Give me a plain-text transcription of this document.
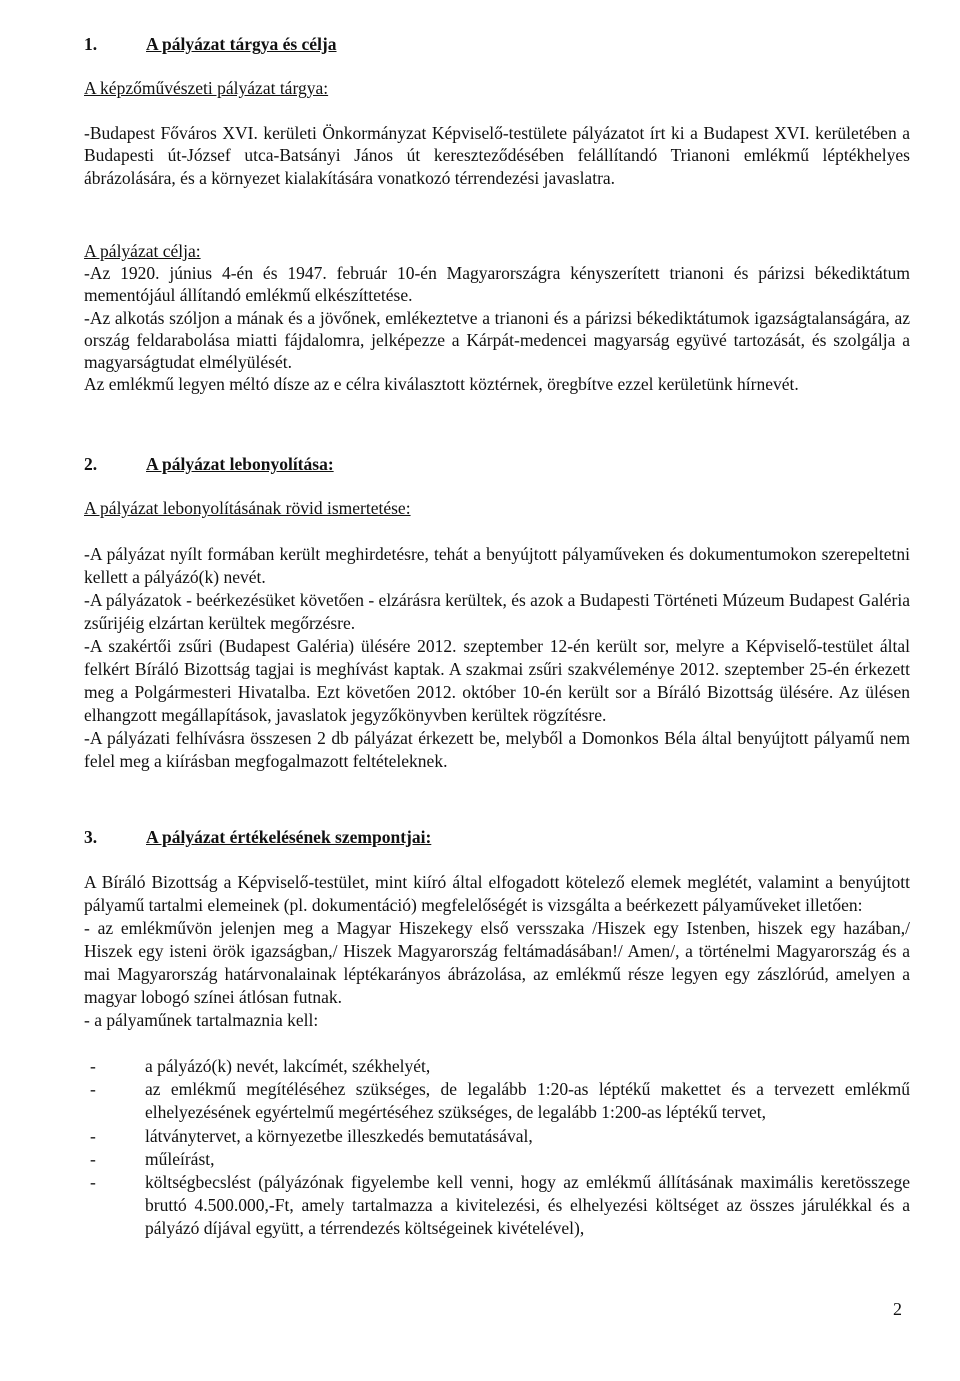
1.	A pályázat tárgya és célja
A képzőművészeti pályázat tárgya:

-Budapest Főváros XVI. kerületi Önkormányzat Képviselő-testülete pályázatot írt ki a Budapest XVI. kerületében a Budapesti út-József utca-Batsányi János út kereszteződésében felállítandó Trianoni emlékmű léptékhelyes ábrázolására, és a környezet kialakítására vonatkozó térrendezési javaslatra.

A pályázat célja:

-Az 1920. június 4-én és 1947. február 10-én Magyarországra kényszerített trianoni és párizsi békediktátum mementójául állítandó emlékmű elkészíttetése.

-Az alkotás szóljon a mának és a jövőnek, emlékeztetve a trianoni és a párizsi békediktátumok igazságtalanságára, az ország feldarabolása miatti fájdalomra, jelképezze a Kárpát-medencei magyarság együvé tartozását, és szolgálja a magyarságtudat elmélyülését.

Az emlékmű legyen méltó dísze az e célra kiválasztott köztérnek, öregbítve ezzel kerületünk hírnevét.

2.	A pályázat lebonyolítása:
A pályázat lebonyolításának rövid ismertetése:

-A pályázat nyílt formában került meghirdetésre, tehát a benyújtott pályaműveken és dokumentumokon szerepeltetni kellett a pályázó(k) nevét.

-A pályázatok - beérkezésüket követően - elzárásra kerültek, és azok a Budapesti Történeti Múzeum Budapest Galéria zsűrijéig elzártan kerültek megőrzésre.

-A szakértői zsűri (Budapest Galéria) ülésére 2012. szeptember 12-én került sor, melyre a Képviselő-testület által felkért Bíráló Bizottság tagjai is meghívást kaptak. A szakmai zsűri szakvéleménye 2012. szeptember 25-én érkezett meg a Polgármesteri Hivatalba. Ezt követően 2012. október 10-én került sor a Bíráló Bizottság ülésére. Az ülésen elhangzott megállapítások, javaslatok jegyzőkönyvben kerültek rögzítésre.

-A pályázati felhívásra összesen 2 db pályázat érkezett be, melyből a Domonkos Béla által benyújtott pályamű nem felel meg a kiírásban megfogalmazott feltételeknek.

3.	A pályázat értékelésének szempontjai:

A Bíráló Bizottság a Képviselő-testület, mint kiíró által elfogadott kötelező elemek meglétét, valamint a benyújtott pályamű tartalmi elemeinek (pl. dokumentáció) megfelelőségét is vizsgálta a beérkezett pályaműveket illetően:

- az emlékművön jelenjen meg a Magyar Hiszekegy első versszaka /Hiszek egy Istenben, hiszek egy hazában,/ Hiszek egy isteni örök igazságban,/ Hiszek Magyarország feltámadásában!/ Amen/, a történelmi Magyarország és a mai Magyarország határvonalainak léptékarányos ábrázolása, az emlékmű része legyen egy zászlórúd, amelyen a magyar lobogó színei átlósan futnak.

- a pályaműnek tartalmaznia kell:

-	a pályázó(k) nevét, lakcímét, székhelyét,
-	az emlékmű megítéléséhez szükséges, de legalább 1:20-as léptékű makettet és a tervezett emlékmű elhelyezésének egyértelmű megértéséhez szükséges, de legalább 1:200-as léptékű tervet,
-	látványtervet, a környezetbe illeszkedés bemutatásával,
-	műleírást,
-	költségbecslést (pályázónak figyelembe kell venni, hogy az emlékmű állításának maximális keretösszege bruttó 4.500.000,-Ft, amely tartalmazza a kivitelezési, és elhelyezési költséget az összes járulékkal és a pályázó díjával együtt, a térrendezés költségeinek kivételével),
2
